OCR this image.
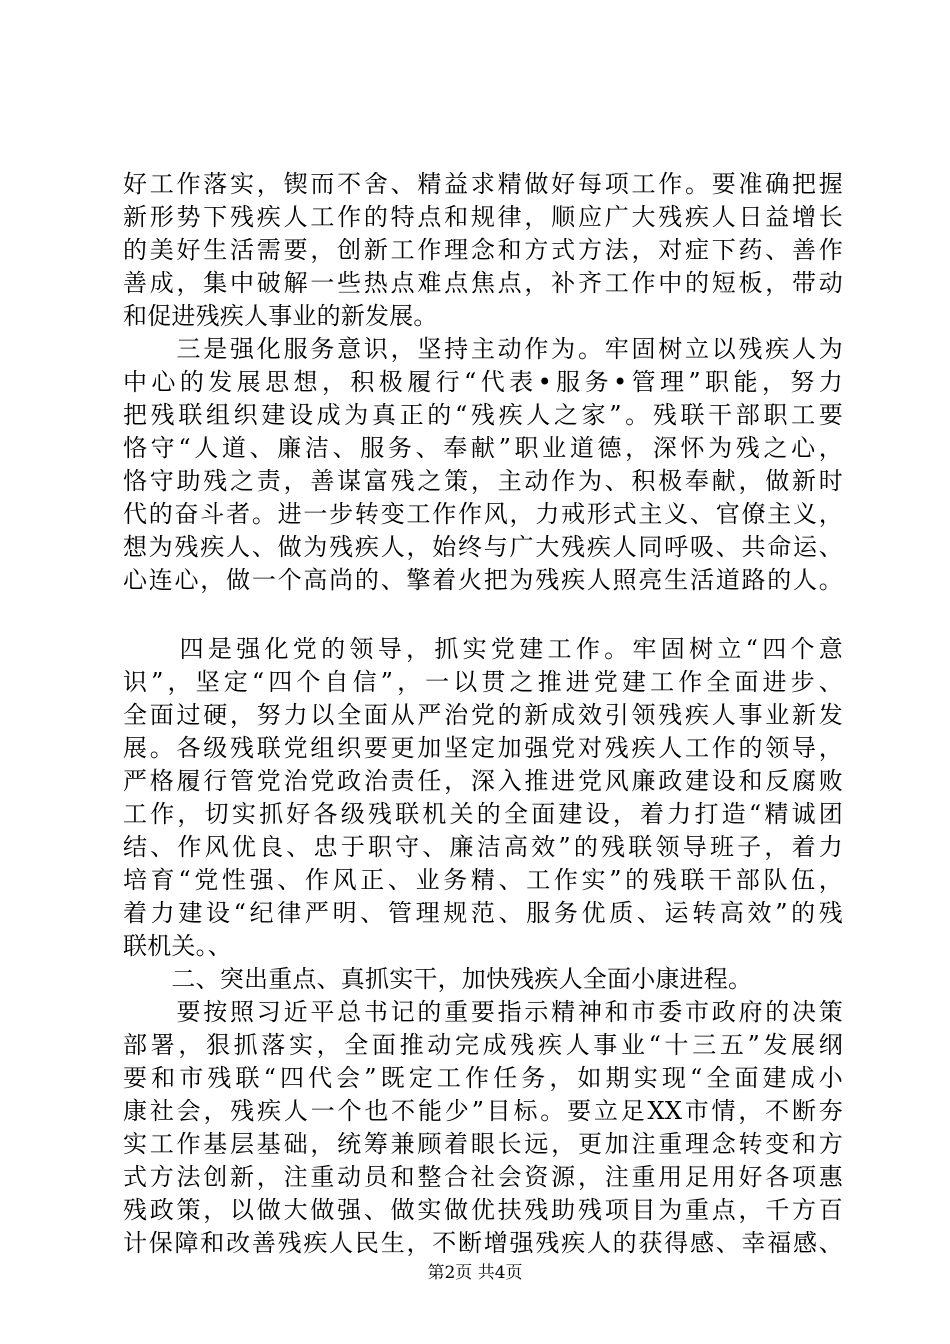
好工作落实，锲而不舍、精益求精做好每项工作。要准确把握
新形势下残疾人工作的特点和规律，顺应广大残疾人日益增长
的美好生活需要，创新工作理念和方式方法，对症下药、善作
善成，集中破解一些热点难点焦点，补齐工作中的短板，带动
和促进残疾人事业的新发展。
　　三是强化服务意识，坚持主动作为。牢固树立以残疾人为
中心的发展思想，积极履行“代表•服务•管理”职能，努力
把残联组织建设成为真正的“残疾人之家”。残联干部职工要
恪守“人道、廉洁、服务、奉献”职业道德，深怀为残之心，
恪守助残之责，善谋富残之策，主动作为、积极奉献，做新时
代的奋斗者。进一步转变工作作风，力戒形式主义、官僚主义，
想为残疾人、做为残疾人，始终与广大残疾人同呼吸、共命运、
心连心，做一个高尚的、擎着火把为残疾人照亮生活道路的人。
　　四是强化党的领导，抓实党建工作。牢固树立“四个意
识”，坚定“四个自信”，一以贯之推进党建工作全面进步、
全面过硬，努力以全面从严治党的新成效引领残疾人事业新发
展。各级残联党组织要更加坚定加强党对残疾人工作的领导，
严格履行管党治党政治责任，深入推进党风廉政建设和反腐败
工作，切实抓好各级残联机关的全面建设，着力打造“精诚团
结、作风优良、忠于职守、廉洁高效”的残联领导班子，着力
培育“党性强、作风正、业务精、工作实”的残联干部队伍，
着力建设“纪律严明、管理规范、服务优质、运转高效”的残
联机关。、
　　二、突出重点、真抓实干，加快残疾人全面小康进程。
　　要按照习近平总书记的重要指示精神和市委市政府的决策
部署，狠抓落实，全面推动完成残疾人事业“十三五”发展纲
要和市残联“四代会”既定工作任务，如期实现“全面建成小
康社会，残疾人一个也不能少”目标。要立足XX市情，不断夯
实工作基层基础，统筹兼顾着眼长远，更加注重理念转变和方
式方法创新，注重动员和整合社会资源，注重用足用好各项惠
残政策，以做大做强、做实做优扶残助残项目为重点，千方百
计保障和改善残疾人民生，不断增强残疾人的获得感、幸福感、
第2页 共4页
